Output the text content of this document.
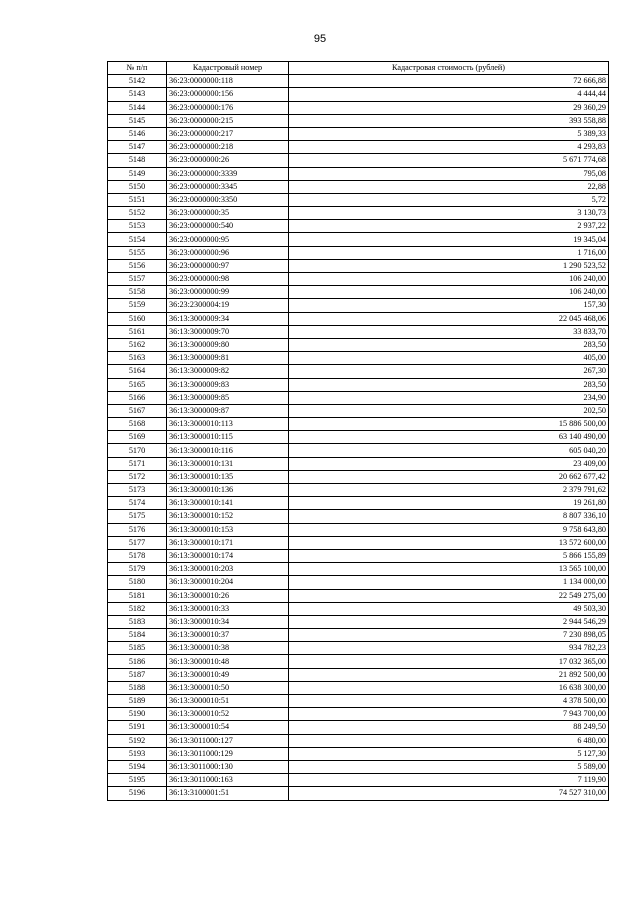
95
№ п/п	Кадастровый номер	Кадастровая стоимость (рублей)
5142	36:23:0000000:118	72 666,88
5143	36:23:0000000:156	4 444,44
5144	36:23:0000000:176	29 360,29
5145	36:23:0000000:215	393 558,88
5146	36:23:0000000:217	5 389,33
5147	36:23:0000000:218	4 293,83
5148	36:23:0000000:26	5 671 774,68
5149	36:23:0000000:3339	795,08
5150	36:23:0000000:3345	22,88
5151	36:23:0000000:3350	5,72
5152	36:23:0000000:35	3 130,73
5153	36:23:0000000:540	2 937,22
5154	36:23:0000000:95	19 345,04
5155	36:23:0000000:96	1 716,00
5156	36:23:0000000:97	1 290 523,52
5157	36:23:0000000:98	106 240,00
5158	36:23:0000000:99	106 240,00
5159	36:23:2300004:19	157,30
5160	36:13:3000009:34	22 045 468,06
5161	36:13:3000009:70	33 833,70
5162	36:13:3000009:80	283,50
5163	36:13:3000009:81	405,00
5164	36:13:3000009:82	267,30
5165	36:13:3000009:83	283,50
5166	36:13:3000009:85	234,90
5167	36:13:3000009:87	202,50
5168	36:13:3000010:113	15 886 500,00
5169	36:13:3000010:115	63 140 490,00
5170	36:13:3000010:116	605 040,20
5171	36:13:3000010:131	23 409,00
5172	36:13:3000010:135	20 662 677,42
5173	36:13:3000010:136	2 379 791,62
5174	36:13:3000010:141	19 261,80
5175	36:13:3000010:152	8 807 336,10
5176	36:13:3000010:153	9 758 643,80
5177	36:13:3000010:171	13 572 600,00
5178	36:13:3000010:174	5 866 155,89
5179	36:13:3000010:203	13 565 100,00
5180	36:13:3000010:204	1 134 000,00
5181	36:13:3000010:26	22 549 275,00
5182	36:13:3000010:33	49 503,30
5183	36:13:3000010:34	2 944 546,29
5184	36:13:3000010:37	7 230 898,05
5185	36:13:3000010:38	934 782,23
5186	36:13:3000010:48	17 032 365,00
5187	36:13:3000010:49	21 892 500,00
5188	36:13:3000010:50	16 638 300,00
5189	36:13:3000010:51	4 378 500,00
5190	36:13:3000010:52	7 943 700,00
5191	36:13:3000010:54	88 249,50
5192	36:13:3011000:127	6 480,00
5193	36:13:3011000:129	5 127,30
5194	36:13:3011000:130	5 589,00
5195	36:13:3011000:163	7 119,90
5196	36:13:3100001:51	74 527 310,00
